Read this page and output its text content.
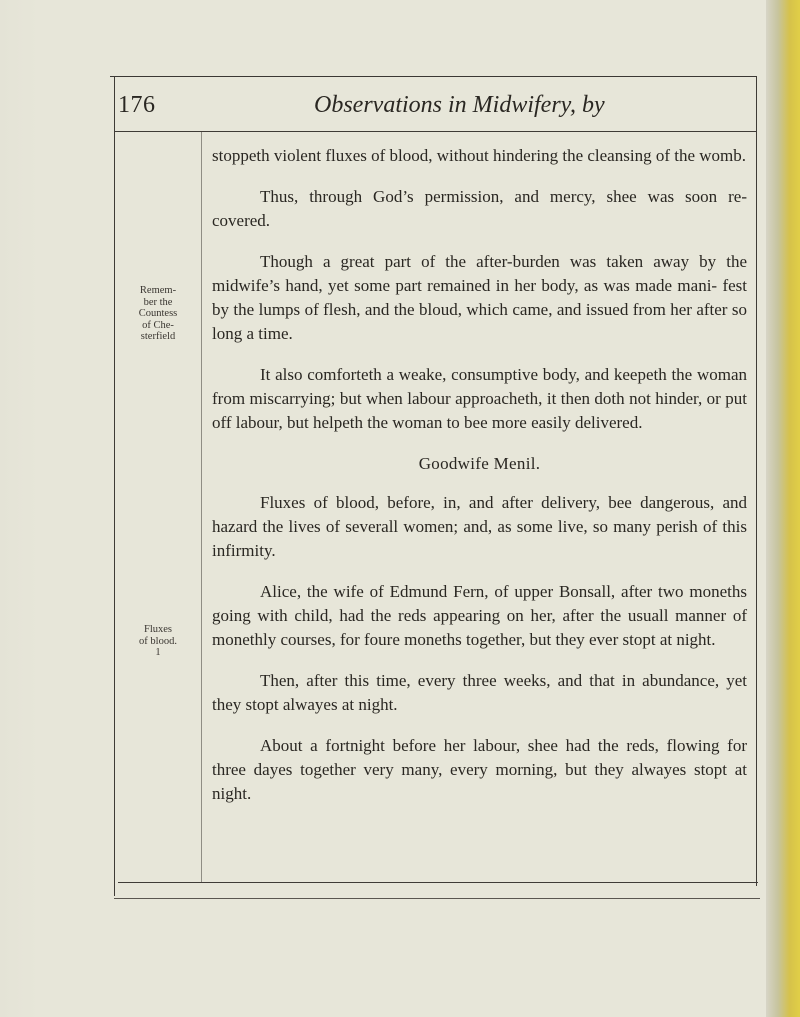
176	Observations in Midwifery, by
Remem-
ber the
Countess
of Che-
sterfield
Fluxes
of blood.
1

stoppeth violent fluxes of blood, without hindering the cleansing of the womb.

Thus, through God’s permission, and mercy, shee was soon re- covered.

Though a great part of the after-burden was taken away by the midwife’s hand, yet some part remained in her body, as was made mani- fest by the lumps of flesh, and the bloud, which came, and issued from her after so long a time.

It also comforteth a weake, consumptive body, and keepeth the woman from miscarrying; but when labour approacheth, it then doth not hinder, or put off labour, but helpeth the woman to bee more easily delivered.

Goodwife Menil.

Fluxes of blood, before, in, and after delivery, bee dangerous, and hazard the lives of severall women; and, as some live, so many perish of this infirmity.

Alice, the wife of Edmund Fern, of upper Bonsall, after two moneths going with child, had the reds appearing on her, after the usuall manner of monethly courses, for foure moneths together, but they ever stopt at night.

Then, after this time, every three weeks, and that in abundance, yet they stopt alwayes at night.

About a fortnight before her labour, shee had the reds, flowing for three dayes together very many, every morning, but they alwayes stopt at night.
